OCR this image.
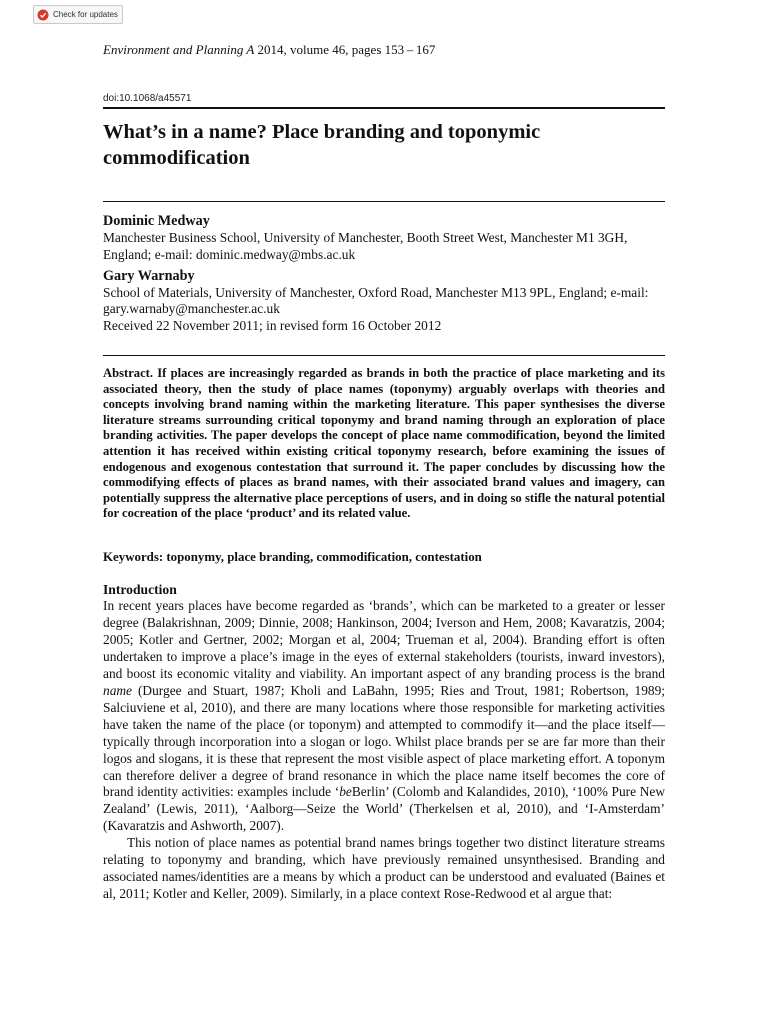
Check for updates
Environment and Planning A 2014, volume 46, pages 153 – 167
doi:10.1068/a45571
What’s in a name? Place branding and toponymic commodification
Dominic Medway
Manchester Business School, University of Manchester, Booth Street West, Manchester M1 3GH, England; e-mail: dominic.medway@mbs.ac.uk
Gary Warnaby
School of Materials, University of Manchester, Oxford Road, Manchester M13 9PL, England; e-mail: gary.warnaby@manchester.ac.uk
Received 22 November 2011; in revised form 16 October 2012

Abstract. If places are increasingly regarded as brands in both the practice of place marketing and its associated theory, then the study of place names (toponymy) arguably overlaps with theories and concepts involving brand naming within the marketing literature. This paper synthesises the diverse literature streams surrounding critical toponymy and brand naming through an exploration of place branding activities. The paper develops the concept of place name commodification, beyond the limited attention it has received within existing critical toponymy research, before examining the issues of endogenous and exogenous contestation that surround it. The paper concludes by discussing how the commodifying effects of places as brand names, with their associated brand values and imagery, can potentially suppress the alternative place perceptions of users, and in doing so stifle the natural potential for cocreation of the place ‘product’ and its related value.

Keywords: toponymy, place branding, commodification, contestation
Introduction

In recent years places have become regarded as ‘brands’, which can be marketed to a greater or lesser degree (Balakrishnan, 2009; Dinnie, 2008; Hankinson, 2004; Iverson and Hem, 2008; Kavaratzis, 2004; 2005; Kotler and Gertner, 2002; Morgan et al, 2004; Trueman et al, 2004). Branding effort is often undertaken to improve a place’s image in the eyes of external stakeholders (tourists, inward investors), and boost its economic vitality and viability. An important aspect of any branding process is the brand name (Durgee and Stuart, 1987; Kholi and LaBahn, 1995; Ries and Trout, 1981; Robertson, 1989; Salciuviene et al, 2010), and there are many locations where those responsible for marketing activities have taken the name of the place (or toponym) and attempted to commodify it—and the place itself—typically through incorporation into a slogan or logo. Whilst place brands per se are far more than their logos and slogans, it is these that represent the most visible aspect of place marketing effort. A toponym can therefore deliver a degree of brand resonance in which the place name itself becomes the core of brand identity activities: examples include ‘beBerlin’ (Colomb and Kalandides, 2010), ‘100% Pure New Zealand’ (Lewis, 2011), ‘Aalborg—Seize the World’ (Therkelsen et al, 2010), and ‘I-Amsterdam’ (Kavaratzis and Ashworth, 2007).

This notion of place names as potential brand names brings together two distinct literature streams relating to toponymy and branding, which have previously remained unsynthesised. Branding and associated names/identities are a means by which a product can be understood and evaluated (Baines et al, 2011; Kotler and Keller, 2009). Similarly, in a place context Rose-Redwood et al argue that:
